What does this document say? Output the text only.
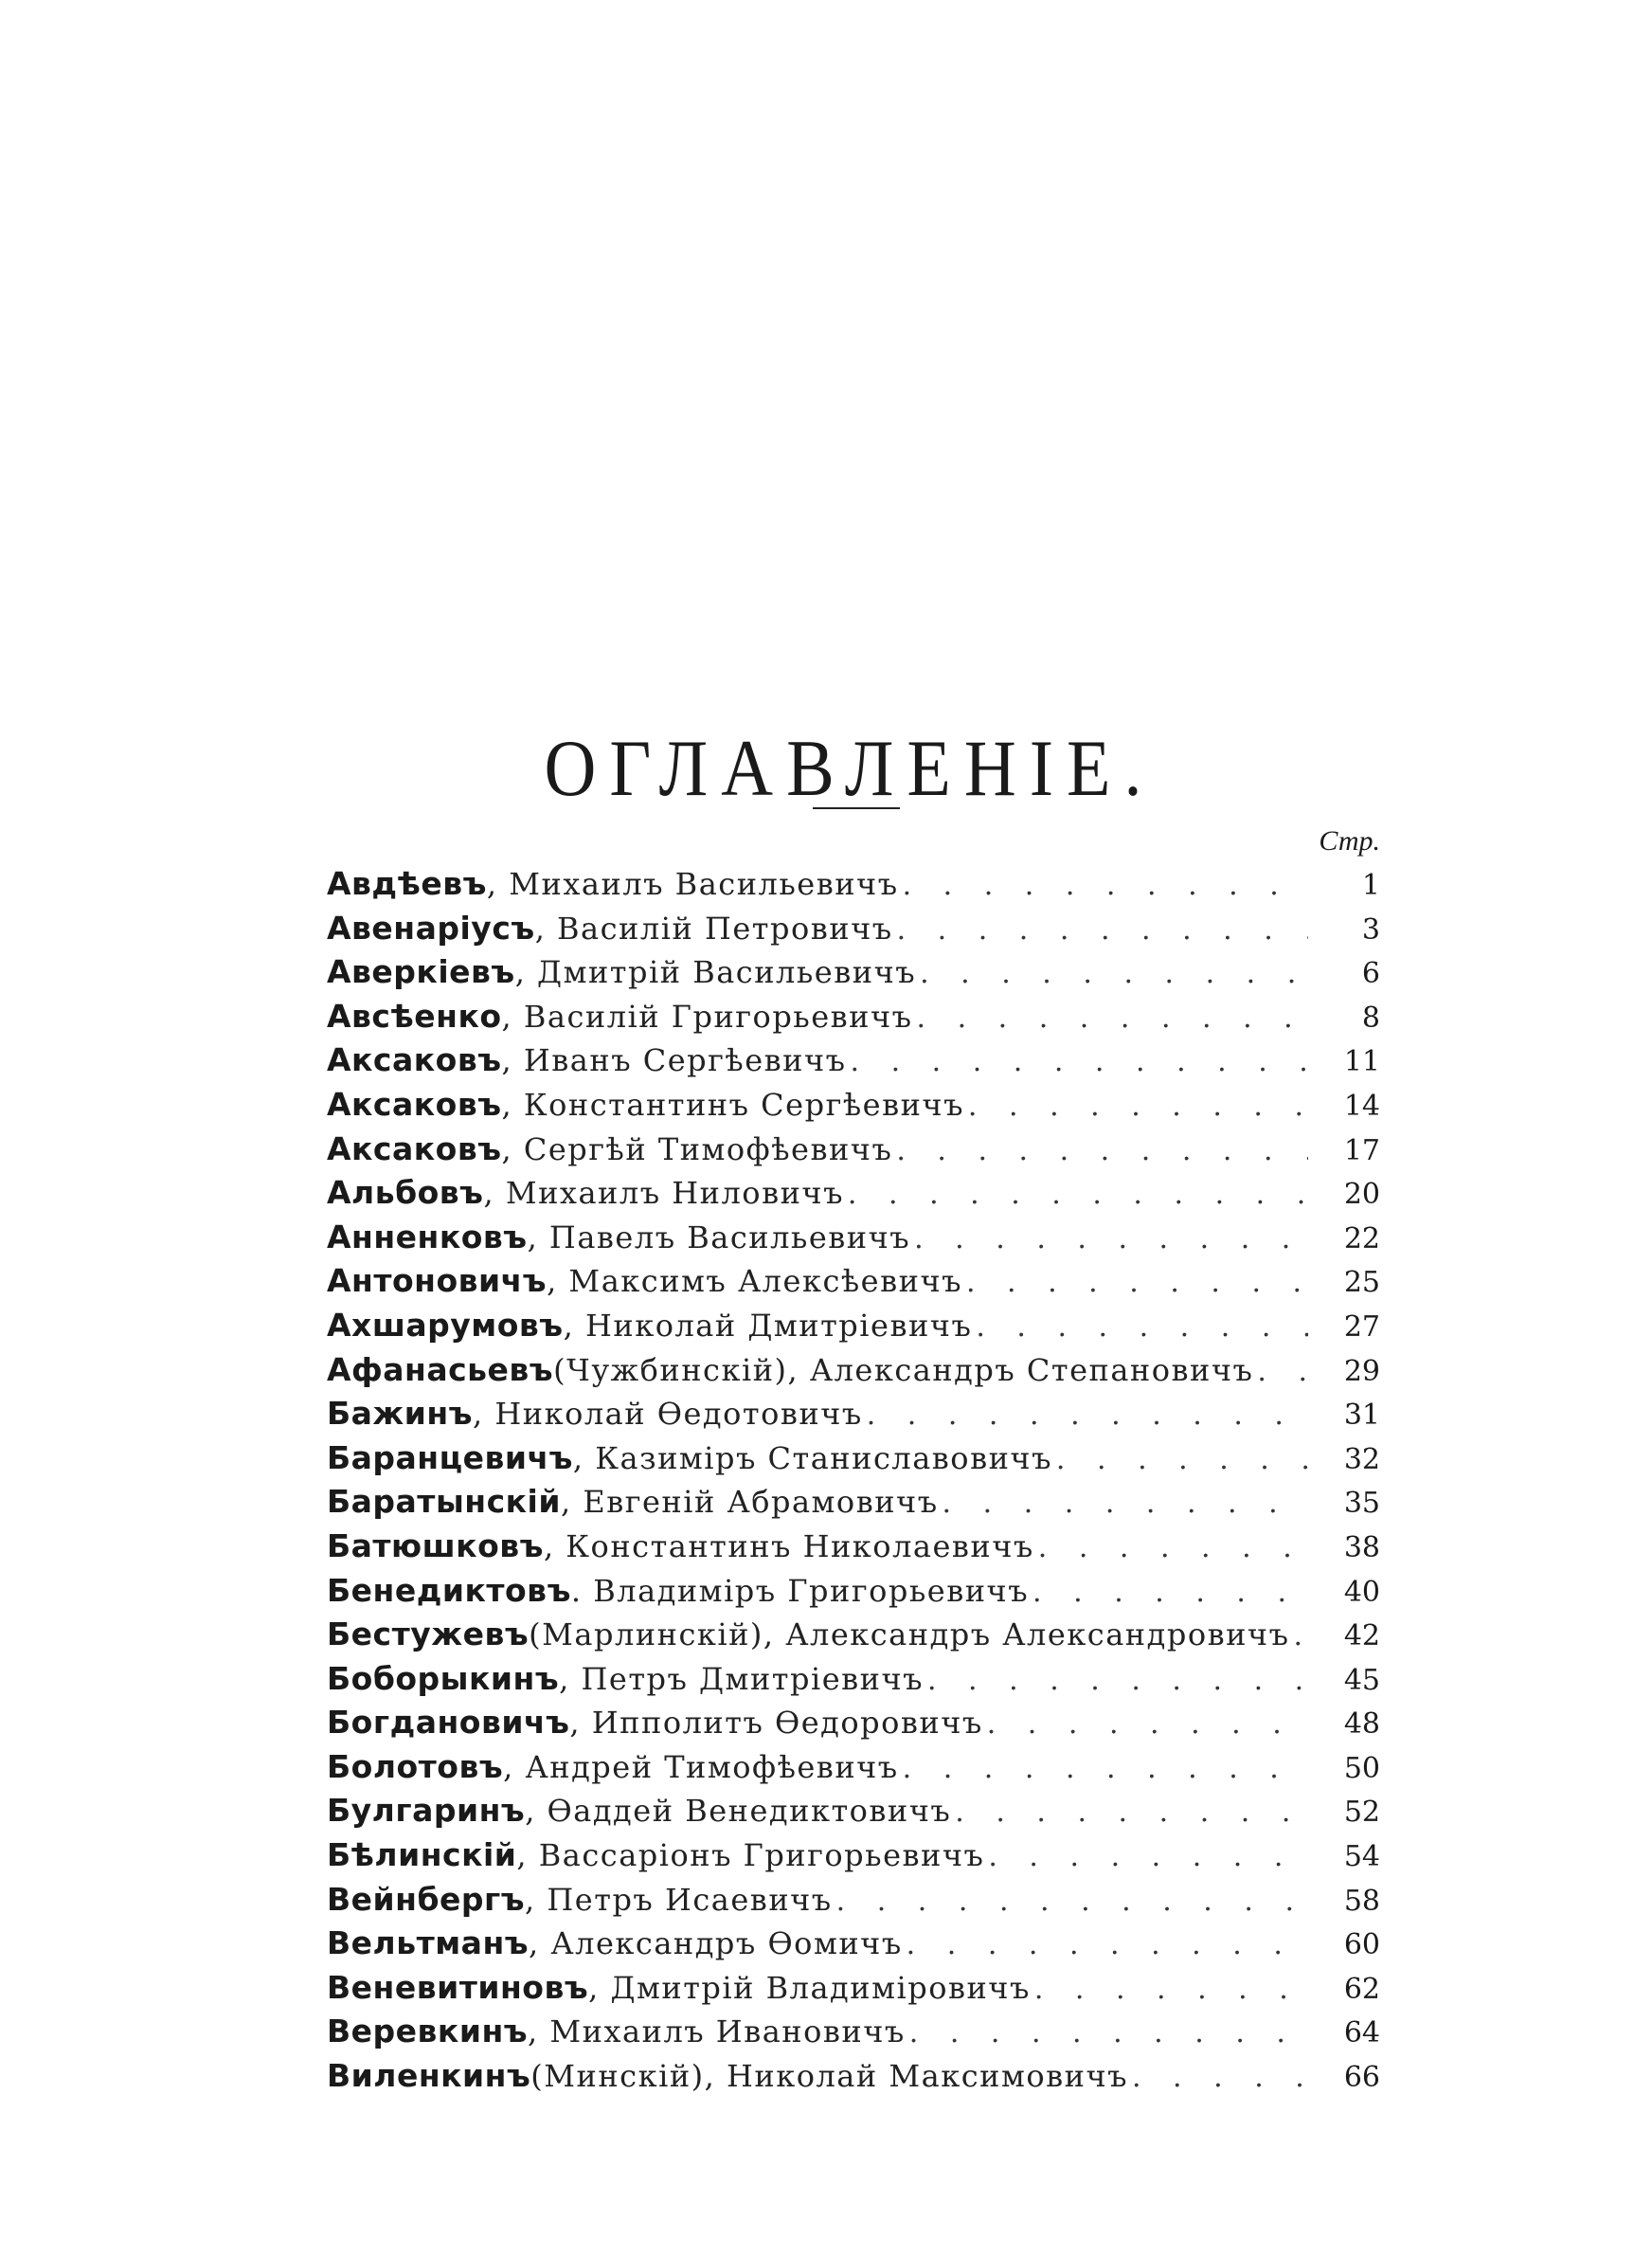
ОГЛАВЛЕНІЕ.
Стр.
Авдѣевъ , Михаилъ Васильевичъ . . .	1
Авенаріусъ , Василій Петровичъ . . .	3
Аверкіевъ , Дмитрій Васильевичъ . . .	6
Авсѣенко , Василій Григорьевичъ . . .	8
Аксаковъ , Иванъ Сергѣевичъ . . .	11
Аксаковъ , Константинъ Сергѣевичъ . . .	14
Аксаковъ , Сергѣй Тимофѣевичъ . . .	17
Альбовъ , Михаилъ Ниловичъ . . .	20
Анненковъ , Павелъ Васильевичъ . . .	22
Антоновичъ , Максимъ Алексѣевичъ . . .	25
Ахшарумовъ , Николай Дмитріевичъ . . .	27
Афанасьевъ (Чужбинскій), Александръ Степановичъ . . .	29
Бажинъ , Николай Ѳедотовичъ . . .	31
Баранцевичъ , Казиміръ Станиславовичъ . . .	32
Баратынскій , Евгеній Абрамовичъ . . .	35
Батюшковъ , Константинъ Николаевичъ . . .	38
Бенедиктовъ . Владиміръ Григорьевичъ . . .	40
Бестужевъ (Марлинскій), Александръ Александровичъ . . .	42
Боборыкинъ , Петръ Дмитріевичъ . . .	45
Богдановичъ , Ипполитъ Ѳедоровичъ . . .	48
Болотовъ , Андрей Тимофѣевичъ . . .	50
Булгаринъ , Ѳаддей Венедиктовичъ . . .	52
Бѣлинскій , Вассаріонъ Григорьевичъ . . .	54
Вейнбергъ , Петръ Исаевичъ . . .	58
Вельтманъ , Александръ Ѳомичъ . . .	60
Веневитиновъ , Дмитрій Владиміровичъ . . .	62
Веревкинъ , Михаилъ Ивановичъ . . .	64
Виленкинъ (Минскій), Николай Максимовичъ . . .	66
